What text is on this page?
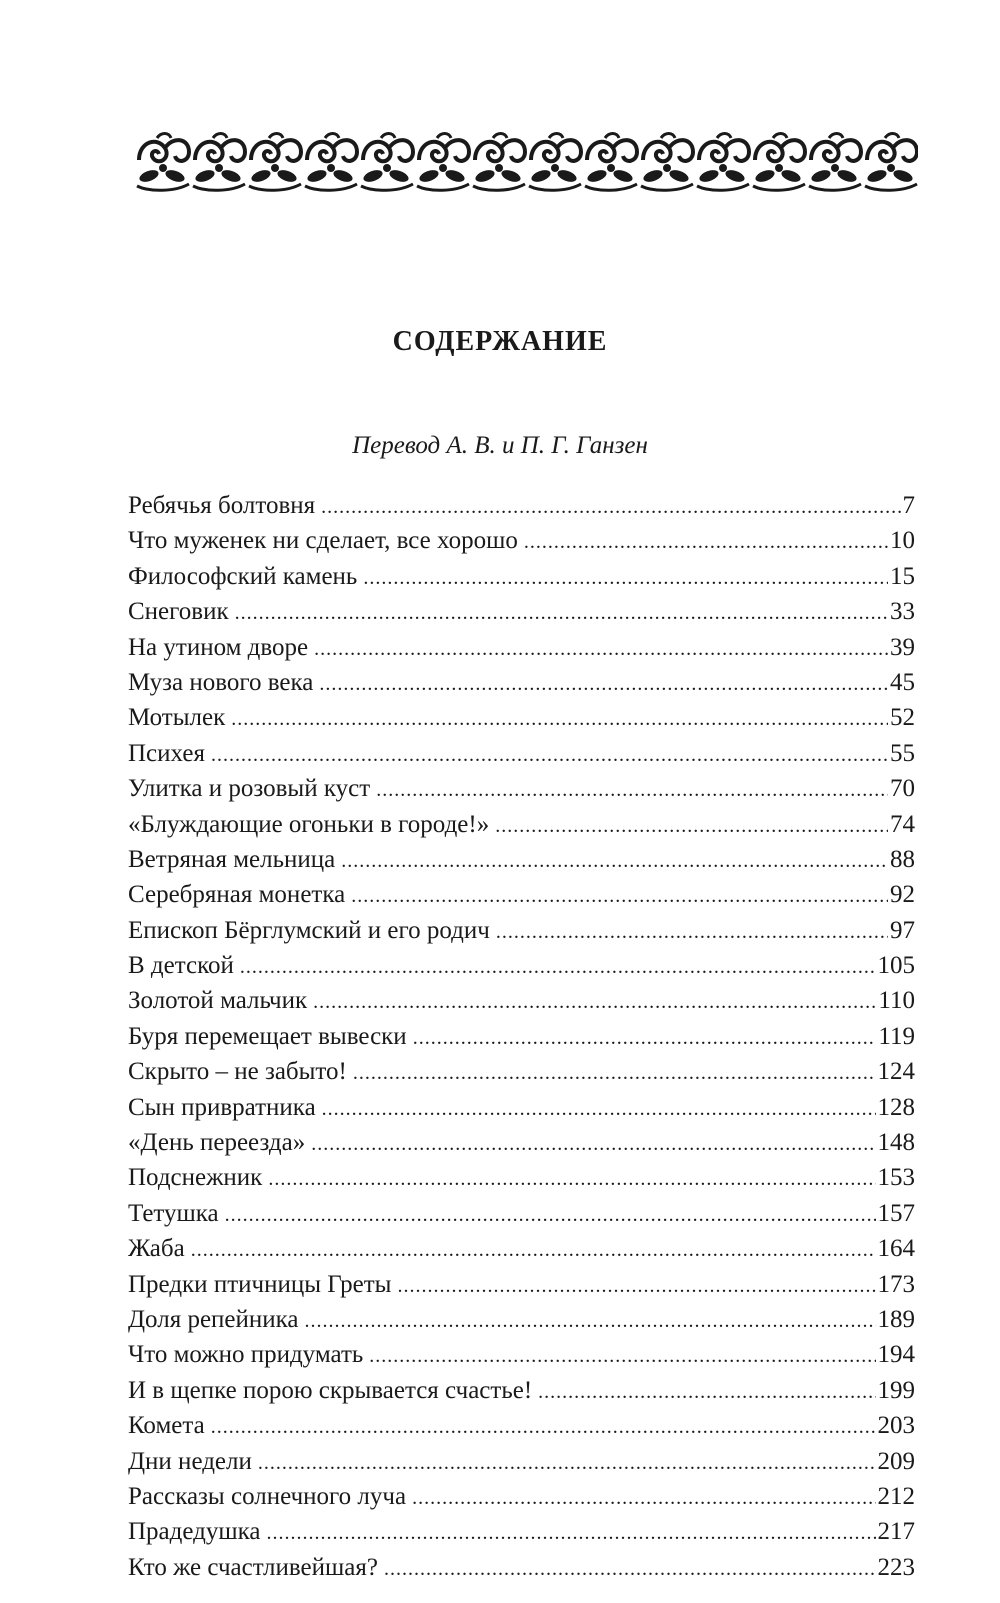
СОДЕРЖАНИЕ
Перевод А. В. и П. Г. Ганзен
Ребячья болтовня .....	7
Что муженек ни сделает, все хорошо .....	10
Философский камень .....	15
Снеговик .....	33
На утином дворе .....	39
Муза нового века .....	45
Мотылек .....	52
Психея .....	55
Улитка и розовый куст .....	70
«Блуждающие огоньки в городе!» .....	74
Ветряная мельница .....	88
Серебряная монетка .....	92
Епископ Бёрглумский и его родич .....	97
В детской .....	105
Золотой мальчик .....	110
Буря перемещает вывески .....	119
Скрыто – не забыто! .....	124
Сын привратника .....	128
«День переезда» .....	148
Подснежник .....	153
Тетушка .....	157
Жаба .....	164
Предки птичницы Греты .....	173
Доля репейника .....	189
Что можно придумать .....	194
И в щепке порою скрывается счастье! .....	199
Комета .....	203
Дни недели .....	209
Рассказы солнечного луча .....	212
Прадедушка .....	217
Кто же счастливейшая? .....	223
